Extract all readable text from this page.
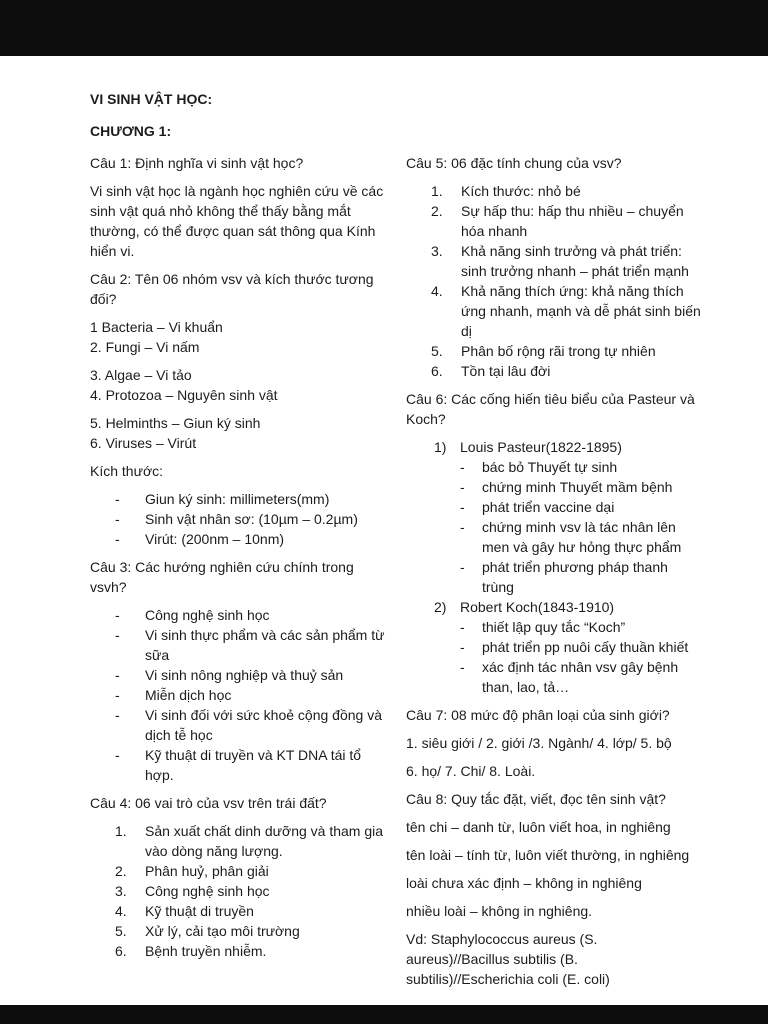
VI SINH VẬT HỌC:
CHƯƠNG 1:
Câu 1: Định nghĩa vi sinh vật học?
Vi sinh vật học là ngành học nghiên cứu về các sinh vật quá nhỏ không thể thấy bằng mắt thường, có thể được quan sát thông qua Kính hiển vi.
Câu 2: Tên 06 nhóm vsv và kích thước tương đối?
1 Bacteria – Vi khuẩn
2. Fungi – Vi nấm
3. Algae – Vi tảo
4. Protozoa – Nguyên sinh vật
5. Helminths – Giun ký sinh
6. Viruses – Virút
Kích thước:
-	Giun ký sinh: millimeters(mm)
-	Sinh vật nhân sơ: (10µm – 0.2µm)
-	Virút: (200nm – 10nm)
Câu 3: Các hướng nghiên cứu chính trong vsvh?
-	Công nghệ sinh học
-	Vi sinh thực phẩm và các sản phẩm từ sữa
-	Vi sinh nông nghiệp và thuỷ sản
-	Miễn dịch học
-	Vi sinh đối với sức khoẻ cộng đồng và dịch tễ học
-	Kỹ thuật di truyền và KT DNA tái tổ hợp.
Câu 4: 06 vai trò của vsv trên trái đất?
1.	Sản xuất chất dinh dưỡng và tham gia vào dòng năng lượng.
2.	Phân huỷ, phân giải
3.	Công nghệ sinh học
4.	Kỹ thuật di truyền
5.	Xử lý, cải tạo môi trường
6.	Bệnh truyền nhiễm.
Câu 5: 06 đặc tính chung của vsv?
1.	Kích thước: nhỏ bé
2.	Sự hấp thu: hấp thu nhiều – chuyển hóa nhanh
3.	Khả năng sinh trưởng và phát triển: sinh trưởng nhanh – phát triển mạnh
4.	Khả năng thích ứng: khả năng thích ứng nhanh, mạnh và dễ phát sinh biến dị
5.	Phân bố rộng rãi trong tự nhiên
6.	Tồn tại lâu đời
Câu 6: Các cống hiến tiêu biểu của Pasteur và Koch?
1) Louis Pasteur(1822-1895)
-	bác bỏ Thuyết tự sinh
-	chứng minh Thuyết mầm bệnh
-	phát triển vaccine dại
-	chứng minh vsv là tác nhân lên men và gây hư hỏng thực phẩm
-	phát triển phương pháp thanh trùng
2) Robert Koch(1843-1910)
-	thiết lập quy tắc “Koch”
-	phát triển pp nuôi cấy thuần khiết
-	xác định tác nhân vsv gây bệnh than, lao, tả…
Câu 7: 08 mức độ phân loại của sinh giới?
1. siêu giới / 2. giới /3. Ngành/ 4. lớp/ 5. bộ
6. họ/ 7. Chi/ 8. Loài.
Câu 8: Quy tắc đặt, viết, đọc tên sinh vật?
tên chi – danh từ, luôn viết hoa, in nghiêng
tên loài – tính từ, luôn viết thường, in nghiêng
loài chưa xác định – không in nghiêng
nhiều loài – không in nghiêng.
Vd: Staphylococcus aureus (S. aureus)//Bacillus subtilis (B. subtilis)//Escherichia coli (E. coli)
